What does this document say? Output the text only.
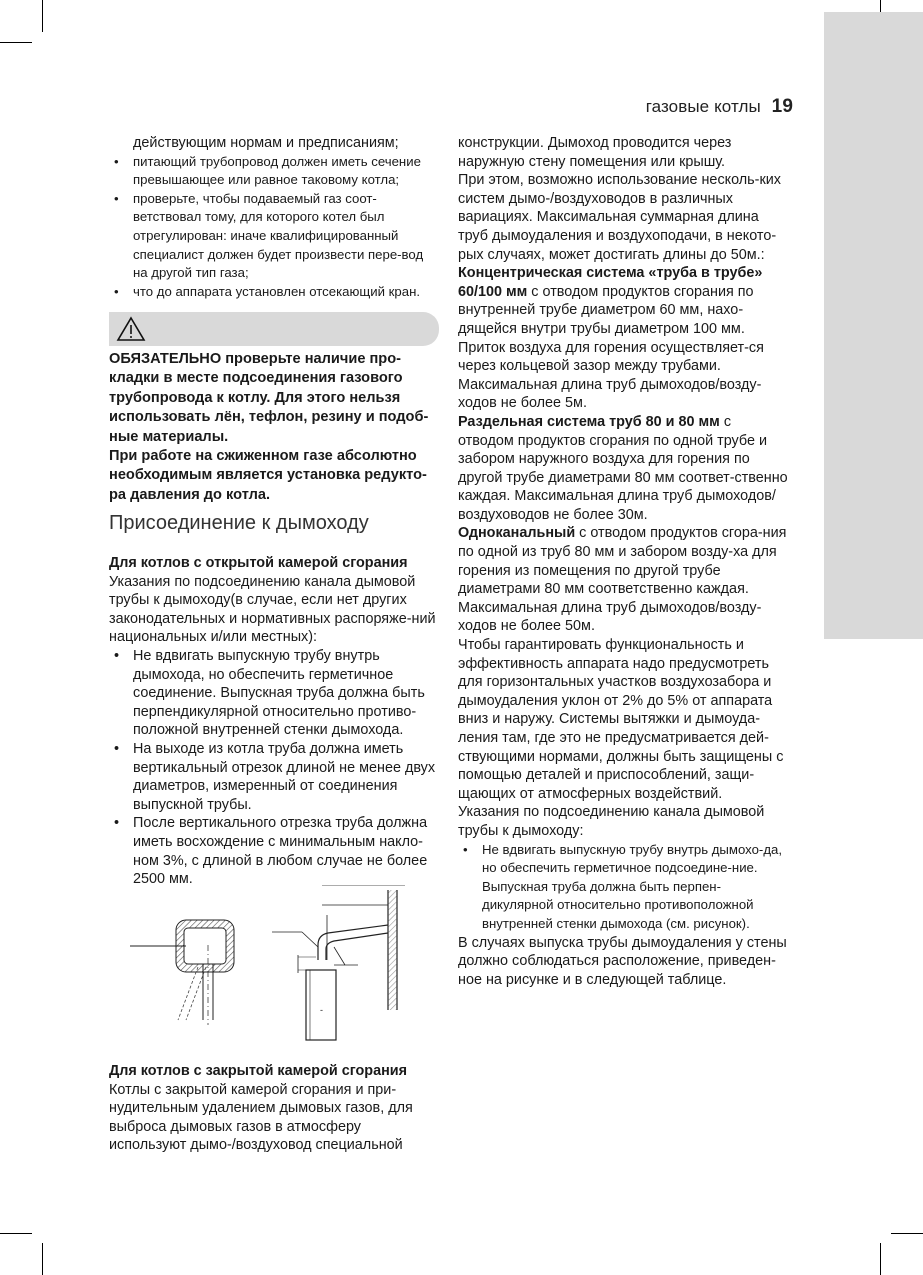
газовые котлы 19

действующим нормам и предписаниям;

• питающий трубопровод должен иметь сечение превышающее или равное таковому котла;
• проверьте, чтобы подаваемый газ соот-ветствовал тому, для которого котел был отрегулирован: иначе квалифицированный специалист должен будет произвести пере-вод на другой тип газа;
• что до аппарата установлен отсекающий кран.

ОБЯЗАТЕЛЬНО проверьте наличие про-кладки в месте подсоединения газового трубопровода к котлу. Для этого нельзя использовать лён, тефлон, резину и подоб-ные материалы.

При работе на сжиженном газе абсолютно необходимым является установка редукто-ра давления до котла.

Присоединение к дымоходу

Для котлов с открытой камерой сгорания

Указания по подсоединению канала дымовой трубы к дымоходу(в случае, если нет других законодательных и нормативных распоряже-ний национальных и/или местных):

• Не вдвигать выпускную трубу внутрь дымохода, но обеспечить герметичное соединение. Выпускная труба должна быть перпендикулярной относительно противо-положной внутренней стенки дымохода.
• На выходе из котла труба должна иметь вертикальный отрезок длиной не менее двух диаметров, измеренный от соединения выпускной трубы.
• После вертикального отрезка труба должна иметь восхождение с минимальным накло-ном 3%, с длиной в любом случае не более 2500 мм.
-

Для котлов с закрытой камерой сгорания

Котлы с закрытой камерой сгорания и при-нудительным удалением дымовых газов, для выброса дымовых газов в атмосферу используют дымо-/воздуховод специальной

конструкции. Дымоход проводится через наружную стену помещения или крышу.

При этом, возможно использование несколь-ких систем дымо-/воздуховодов в различных вариациях. Максимальная суммарная длина труб дымоудаления и воздухоподачи, в некото-рых случаях, может достигать длины до 50м.:

Концентрическая система «труба в трубе» 60/100 мм с отводом продуктов сгорания по внутренней трубе диаметром 60 мм, нахо-дящейся внутри трубы диаметром 100 мм. Приток воздуха для горения осуществляет-ся через кольцевой зазор между трубами. Максимальная длина труб дымоходов/возду-ходов не более 5м.

Раздельная система труб 80 и 80 мм с отводом продуктов сгорания по одной трубе и забором наружного воздуха для горения по другой трубе диаметрами 80 мм соответ-ственно каждая. Максимальная длина труб дымоходов/воздуховодов не более 30м.

Одноканальный с отводом продуктов сгора-ния по одной из труб 80 мм и забором возду-ха для горения из помещения по другой трубе диаметрами 80 мм соответственно каждая. Максимальная длина труб дымоходов/возду-ходов не более 50м.

Чтобы гарантировать функциональность и эффективность аппарата надо предусмотреть для горизонтальных участков воздухозабора и дымоудаления уклон от 2% до 5% от аппарата вниз и наружу. Системы вытяжки и дымоуда-ления там, где это не предусматривается дей-ствующими нормами, должны быть защищены с помощью деталей и приспособлений, защи-щающих от атмосферных воздействий.

Указания по подсоединению канала дымовой трубы к дымоходу:

• Не вдвигать выпускную трубу внутрь дымохо-да, но обеспечить герметичное подсоедине-ние. Выпускная труба должна быть перпен-дикулярной относительно противоположной внутренней стенки дымохода (см. рисунок).

В случаях выпуска трубы дымоудаления у стены должно соблюдаться расположение, приведен-ное на рисунке и в следующей таблице.
